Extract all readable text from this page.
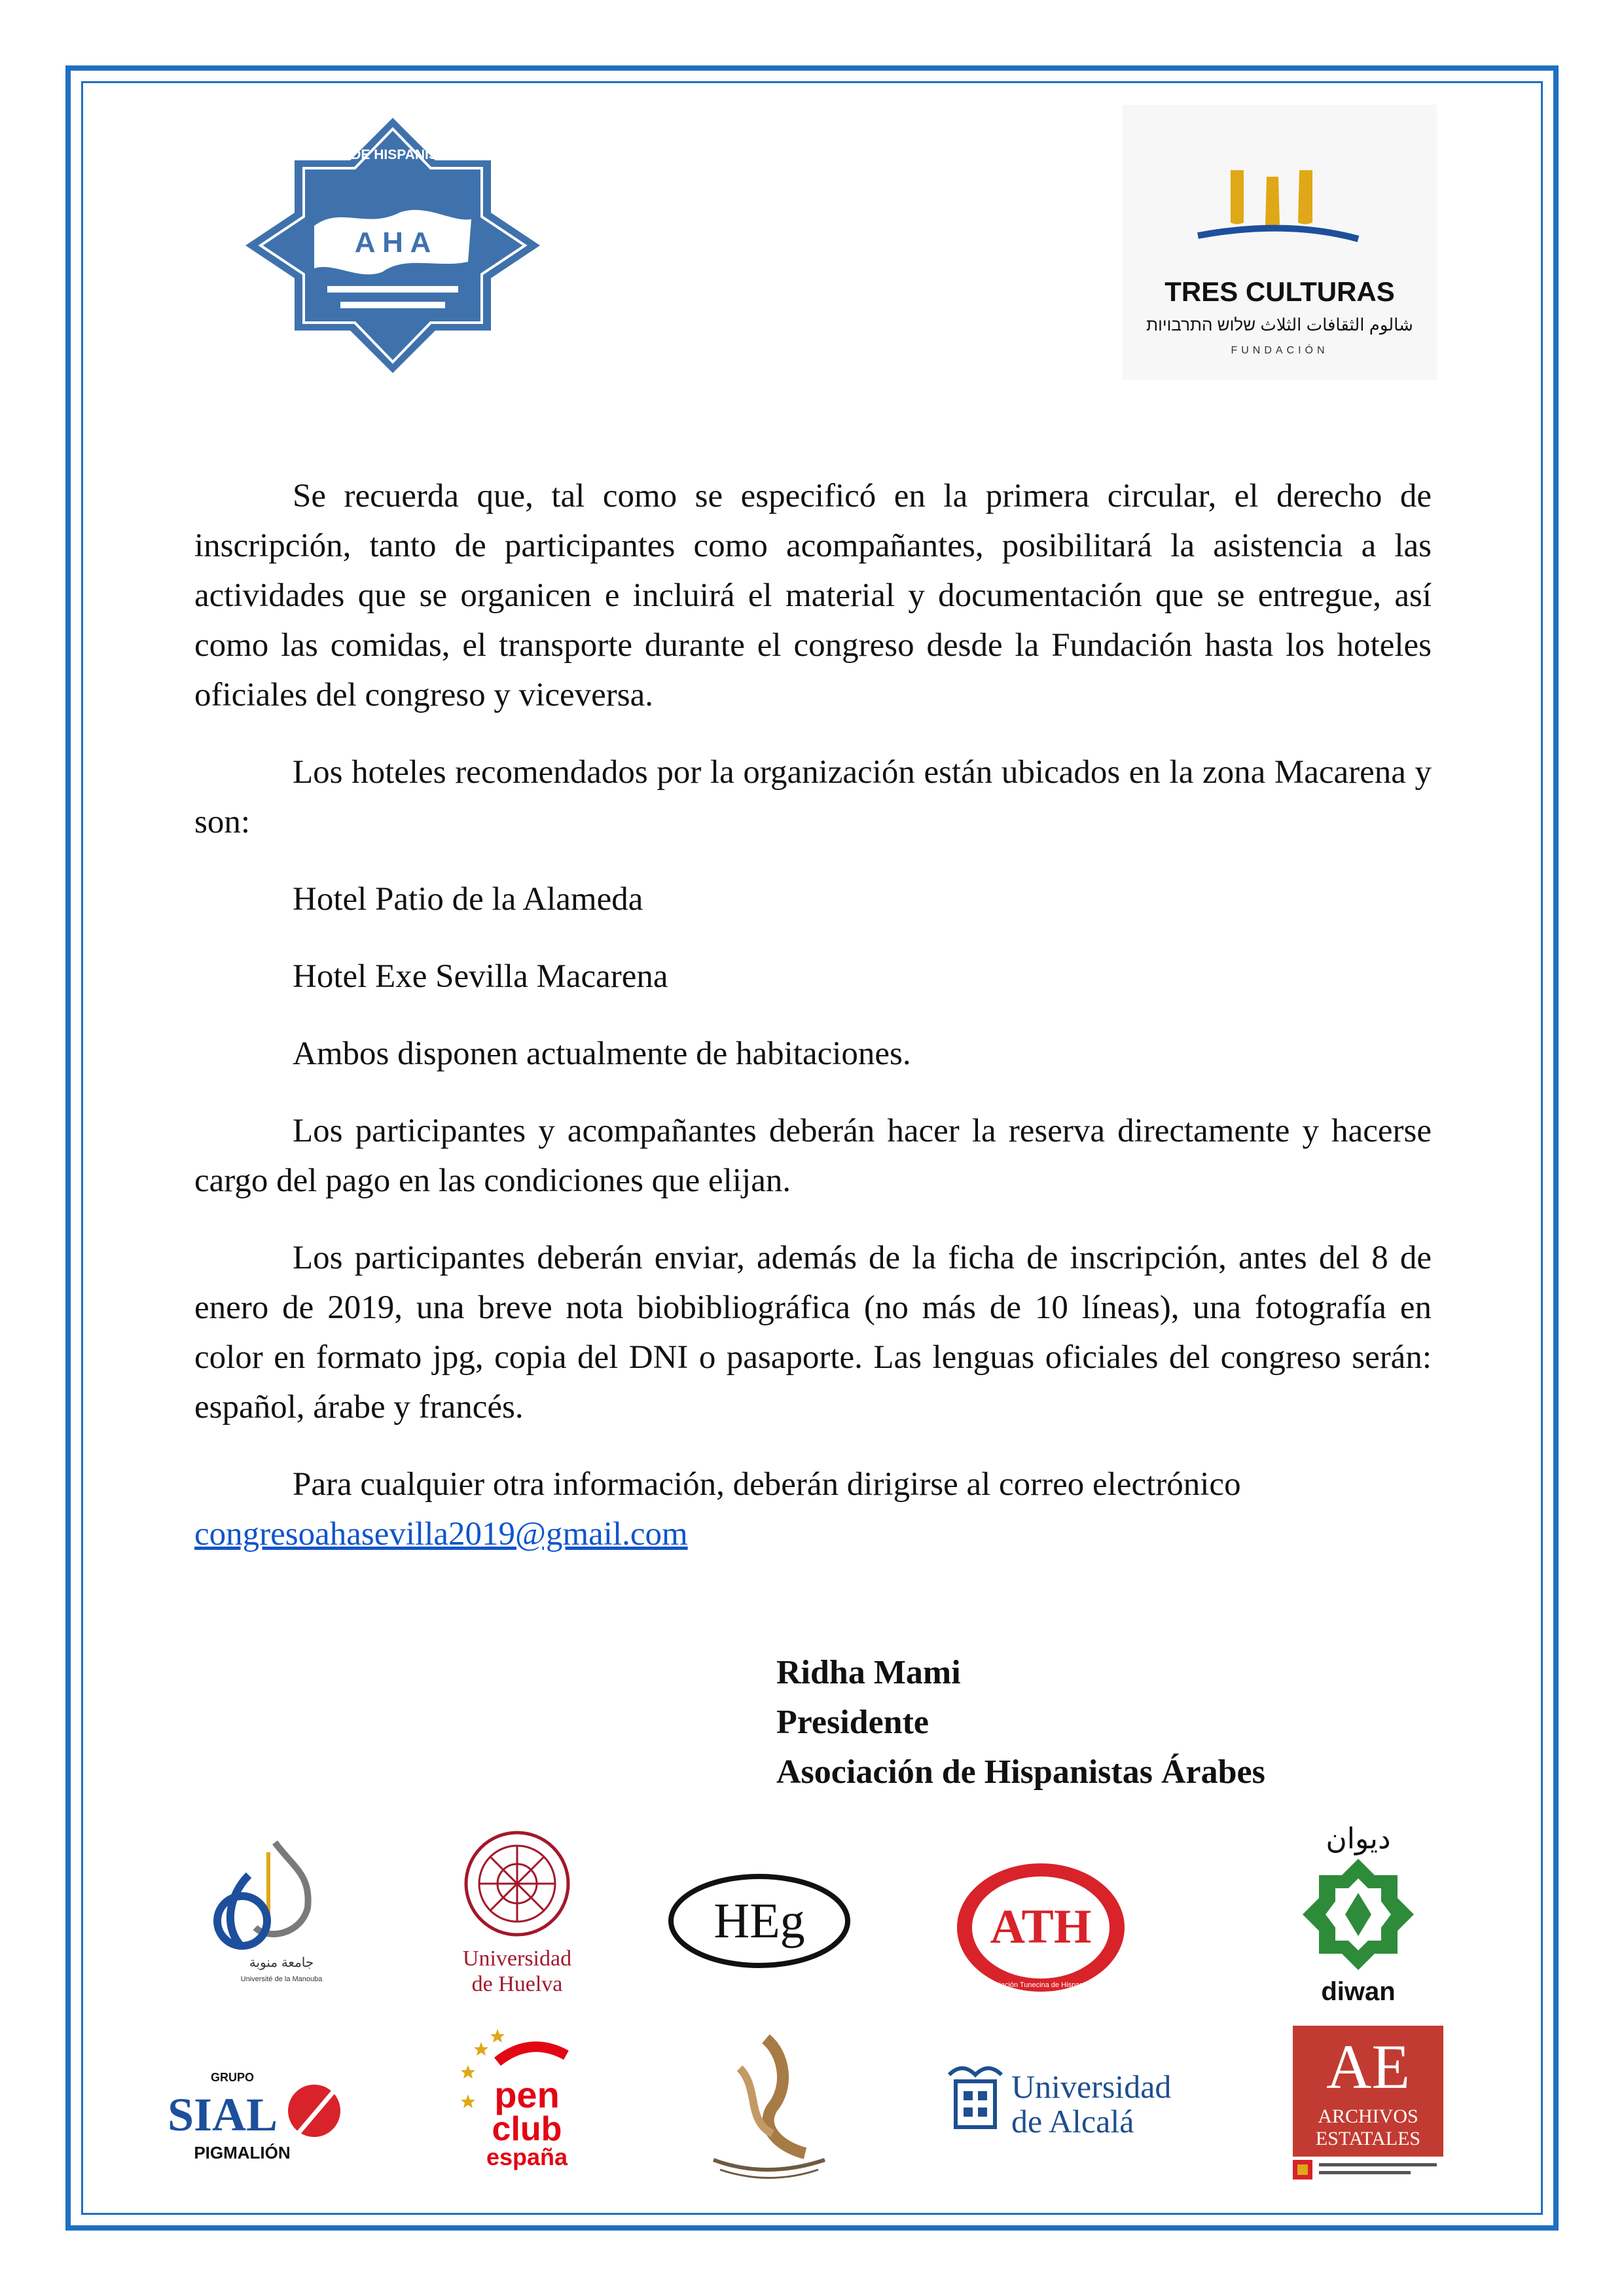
ASOCIACIÓN DE HISPANISTAS ÁRABES
A H A
TRES CULTURAS
شالوم الثقافات الثلاث שלוש התרבויות
FUNDACIÓN

Se recuerda que, tal como se especificó en la primera circular, el derecho de inscripción, tanto de participantes como acompañantes, posibilitará la asistencia a las actividades que se organicen e incluirá el material y documentación que se entregue, así como las comidas, el transporte durante el congreso desde la Fundación hasta los hoteles oficiales del congreso y viceversa.

Los hoteles recomendados por la organización están ubicados en la zona Macarena y son:

Hotel Patio de la Alameda

Hotel Exe Sevilla Macarena

Ambos disponen actualmente de habitaciones.

Los participantes y acompañantes deberán hacer la reserva directamente y hacerse cargo del pago en las condiciones que elijan.

Los participantes deberán enviar, además de la ficha de inscripción, antes del 8 de enero de 2019, una breve nota biobibliográfica (no más de 10 líneas), una fotografía en color en formato jpg, copia del DNI o pasaporte. Las lenguas oficiales del congreso serán: español, árabe y francés.

Para cualquier otra información, deberán dirigirse al correo electrónico

congresoahasevilla2019@gmail.com

Ridha Mami
Presidente
Asociación de Hispanistas Árabes
جامعة منوبة
Université de la Manouba
Universidad
de Huelva
HEg	ATH
Asociación Tunecina de Hispanistas
ديوان
diwan
GRUPO
SIAL
PIGMALIÓN
pen
club
españa
Universidad
de Alcalá
AE
ARCHIVOS
ESTATALES
